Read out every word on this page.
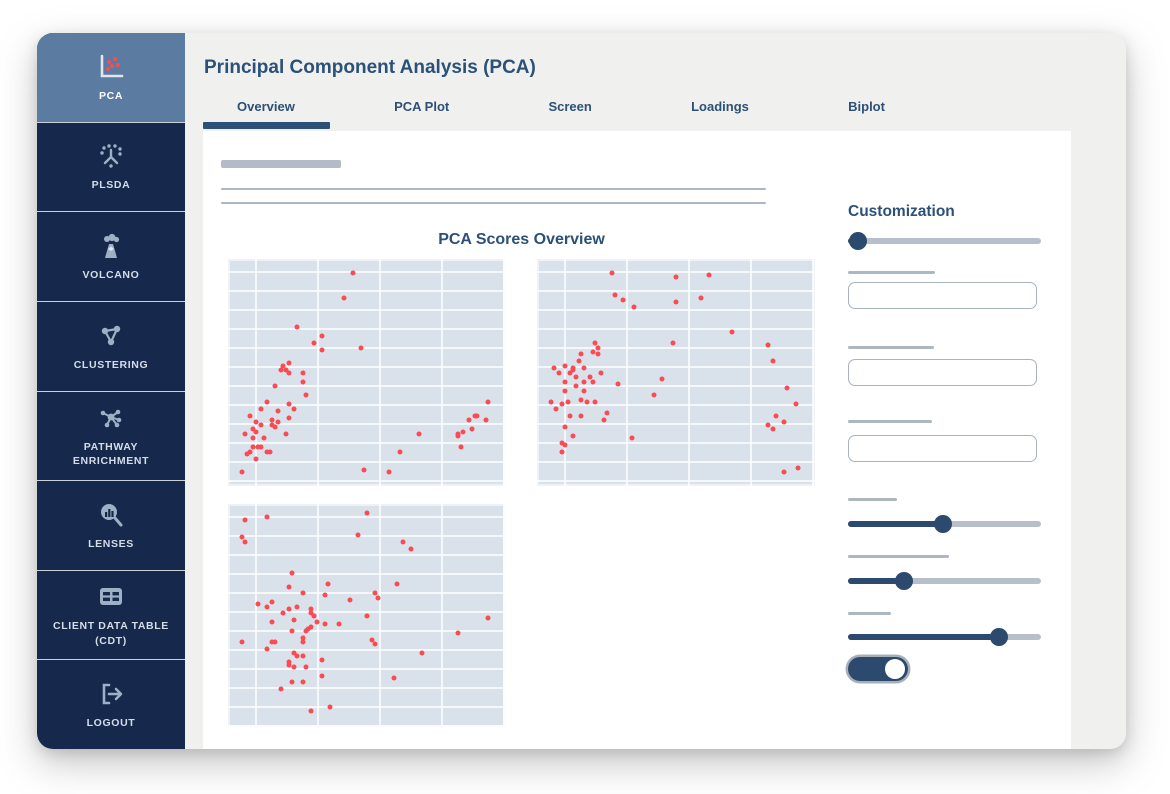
PCA
PLSDA
VOLCANO
CLUSTERING
PATHWAY ENRICHMENT
LENSES
CLIENT DATA TABLE (CDT)
LOGOUT
Principal Component Analysis (PCA)
Overview	PCA Plot	Screen	Loadings	Biplot
PCA Scores Overview
Customization
